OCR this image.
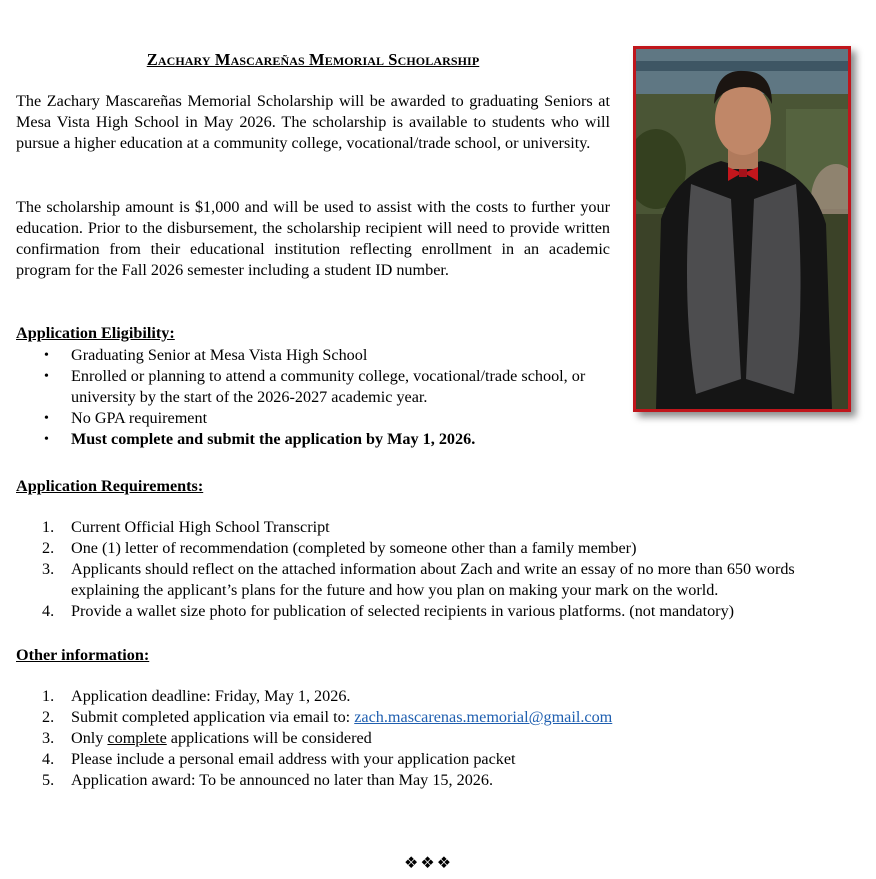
Zachary Mascareñas Memorial Scholarship
The Zachary Mascareñas Memorial Scholarship will be awarded to graduating Seniors at Mesa Vista High School in May 2026. The scholarship is available to students who will pursue a higher education at a community college, vocational/trade school, or university.
The scholarship amount is $1,000 and will be used to assist with the costs to further your education. Prior to the disbursement, the scholarship recipient will need to provide written confirmation from their educational institution reflecting enrollment in an academic program for the Fall 2026 semester including a student ID number.
Application Eligibility:
• Graduating Senior at Mesa Vista High School
• Enrolled or planning to attend a community college, vocational/trade school, or university by the start of the 2026-2027 academic year.
• No GPA requirement
• Must complete and submit the application by May 1, 2026.
Application Requirements:
1. Current Official High School Transcript
2. One (1) letter of recommendation (completed by someone other than a family member)
3. Applicants should reflect on the attached information about Zach and write an essay of no more than 650 words explaining the applicant’s plans for the future and how you plan on making your mark on the world.
4. Provide a wallet size photo for publication of selected recipients in various platforms. (not mandatory)
Other information:
1. Application deadline: Friday, May 1, 2026.
2. Submit completed application via email to: zach.mascarenas.memorial@gmail.com
3. Only complete applications will be considered
4. Please include a personal email address with your application packet
5. Application award: To be announced no later than May 15, 2026.
❖❖❖
